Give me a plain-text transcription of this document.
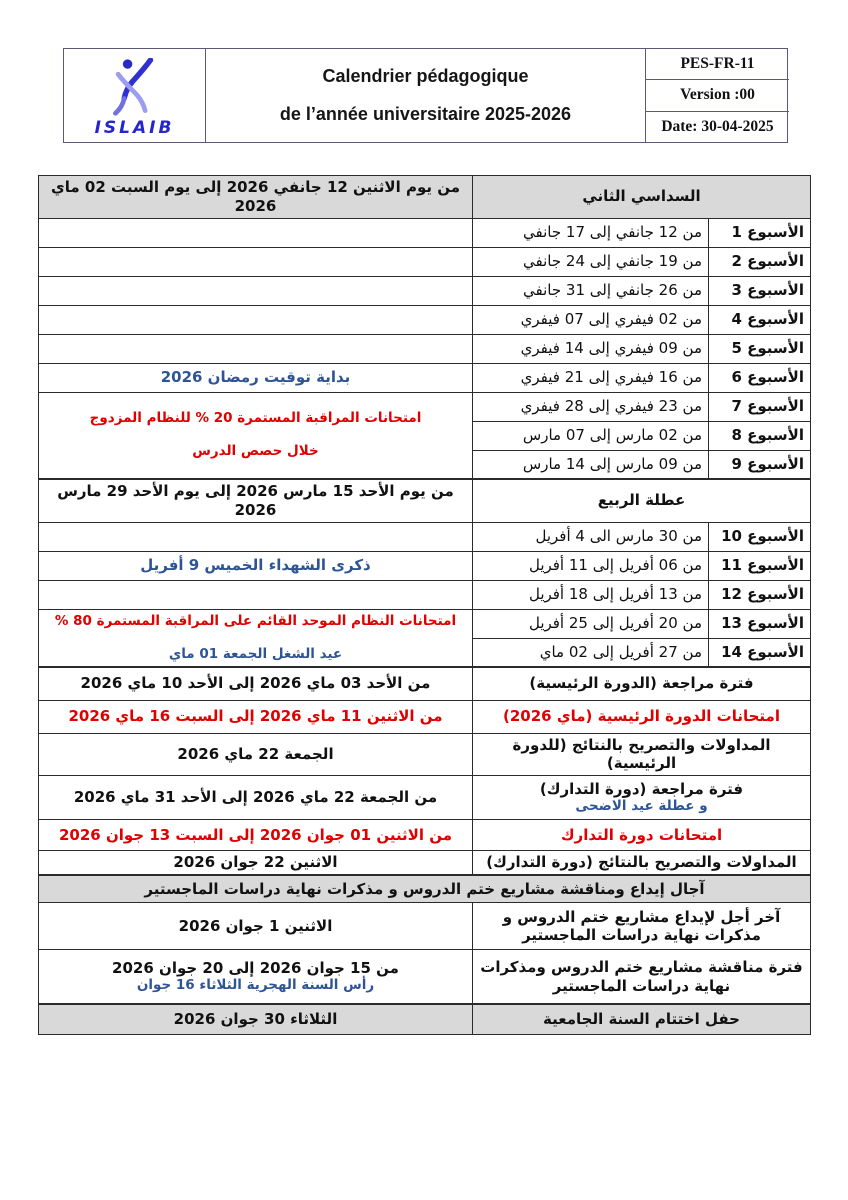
ISLAIB
Calendrier pédagogique
de l’année universitaire 2025-2026
PES-FR-11
Version :00
Date: 30-04-2025
السداسي الثاني		من يوم الاثنين 12 جانفي 2026 إلى يوم السبت 02 ماي 2026
الأسبوع 1	من 12 جانفي إلى 17 جانفي	
الأسبوع 2	من 19 جانفي إلى 24 جانفي	
الأسبوع 3	من 26 جانفي إلى 31 جانفي	
الأسبوع 4	من 02 فيفري إلى 07 فيفري	
الأسبوع 5	من 09 فيفري إلى 14 فيفري	
الأسبوع 6	من 16 فيفري إلى 21 فيفري	بداية توقيت رمضان 2026
الأسبوع 7	من 23 فيفري إلى 28 فيفري	امتحانات المراقبة المستمرة 20 % للنظام المزدوج
خلال حصص الدرس

الأسبوع 8	من 02 مارس إلى 07 مارس	
الأسبوع 9	من 09 مارس إلى 14 مارس	
عطلة الربيع		من يوم الأحد 15 مارس 2026 إلى يوم الأحد 29 مارس 2026
الأسبوع 10	من 30 مارس الى 4 أفريل	
الأسبوع 11	من 06 أفريل إلى 11 أفريل	ذكرى الشهداء الخميس 9 أفريل
الأسبوع 12	من 13 أفريل إلى 18 أفريل	
الأسبوع 13	من 20 أفريل إلى 25 أفريل	امتحانات النظام الموحد القائم على المراقبة المستمرة 80 %
عيد الشغل الجمعة 01 ماي

الأسبوع 14	من 27 أفريل إلى 02 ماي	
فترة مراجعة (الدورة الرئيسية)		من الأحد 03 ماي 2026 إلى الأحد 10 ماي 2026
امتحانات الدورة الرئيسية (ماي 2026)		من الاثنين 11 ماي 2026 إلى السبت 16 ماي 2026
المداولات والتصريح بالنتائج (للدورة الرئيسية)		الجمعة 22 ماي 2026

فترة مراجعة (دورة التدارك)
و عطلة عيد الاضحى		من الجمعة 22 ماي 2026 إلى الأحد 31 ماي 2026
امتحانات دورة التدارك		من الاثنين 01 جوان 2026 إلى السبت 13 جوان 2026
المداولات والتصريح بالنتائج (دورة التدارك)		الاثنين 22 جوان 2026
آجال إيداع ومناقشة مشاريع ختم الدروس و مذكرات نهاية دراسات الماجستير		
آخر أجل لإيداع مشاريع ختم الدروس و مذكرات نهاية دراسات الماجستير		الاثنين 1 جوان 2026
فترة مناقشة مشاريع ختم الدروس ومذكرات نهاية دراسات الماجستير		من 15 جوان 2026 إلى 20 جوان 2026
رأس السنة الهجرية الثلاثاء 16 جوان

حفل اختتام السنة الجامعية		الثلاثاء 30 جوان 2026
